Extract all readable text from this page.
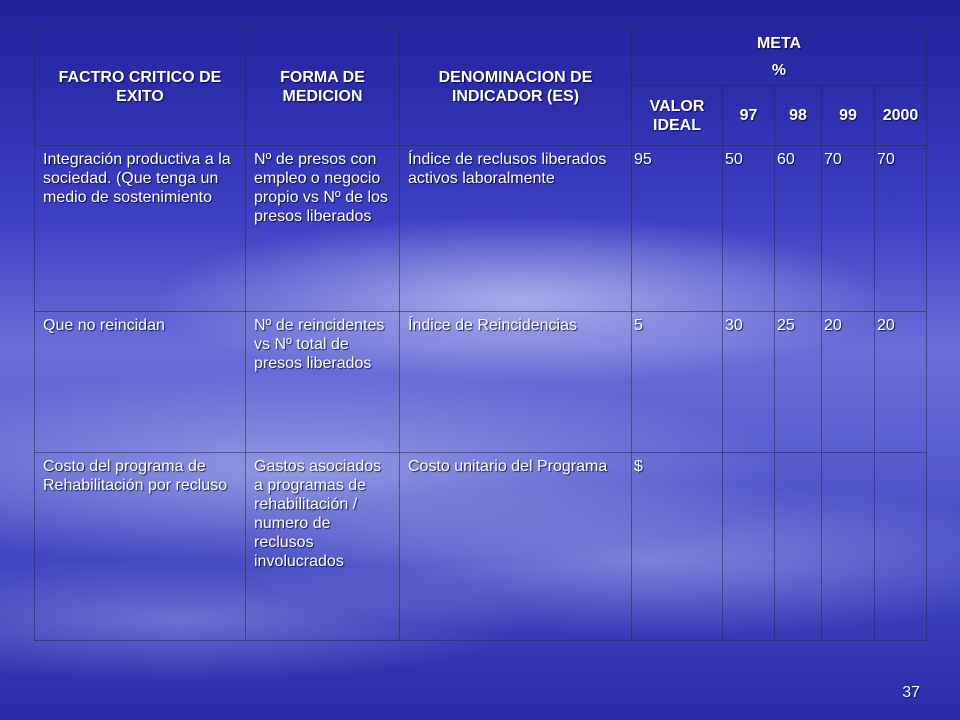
FACTRO CRITICO DE EXITO	FORMA DE MEDICION	DENOMINACION DE INDICADOR (ES)	META
%				

			VALOR IDEAL	97	98	99	2000
Integración productiva a la sociedad. (Que tenga un medio de sostenimiento	Nº de presos con empleo o negocio propio vs Nº de los presos liberados	Índice de reclusos liberados activos laboralmente	95	50	60	70	70
Que no reincidan	Nº de reincidentes vs Nº total de presos liberados	Índice de Reincidencias	5	30	25	20	20
Costo del programa de Rehabilitación por recluso	Gastos asociados a programas de rehabilitación / numero de reclusos involucrados	Costo unitario del Programa	$				
37
